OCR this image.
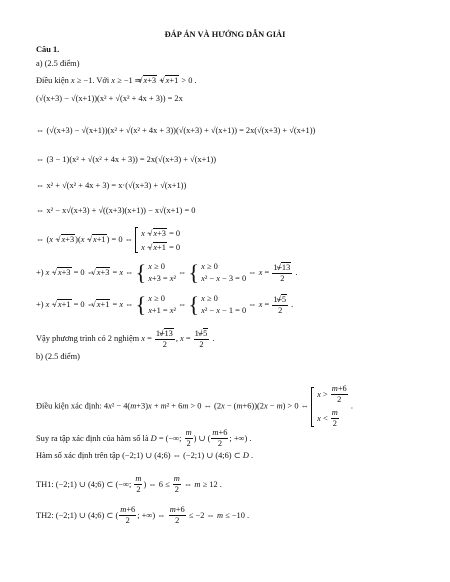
ĐÁP ÁN VÀ HƯỚNG DẪN GIẢI
Câu 1.
a) (2.5 điểm)
Điều kiện x ≥ −1. Với x ≥ −1 ⇒ √ x+3 + √ x+1 > 0 .
(√(x+3) − √(x+1))(x² + √(x² + 4x + 3)) = 2x
⇔ (√(x+3) − √(x+1))(x² + √(x² + 4x + 3))(√(x+3) + √(x+1)) = 2x(√(x+3) + √(x+1))
⇔ (3 − 1)(x² + √(x² + 4x + 3)) = 2x(√(x+3) + √(x+1))
⇔ x² + √(x² + 4x + 3) = x·(√(x+3) + √(x+1))
⇔ x² − x√(x+3) + √((x+3)(x+1)) − x√(x+1) = 0
⇔ (x − √ x+3)(x − √ x+1) = 0 ⇔
x − √ x+3 = 0
x − √ x+1 = 0
+) x − √ x+3 = 0 ⇔ √ x+3 = x ⇔ { x ≥ 0
x+3 = x²
⇔ { x ≥ 0
x² − x − 3 = 0
⇔ $x = \frac{1+√ 13}{2}$ .
+) x − √ x+1 = 0 ⇔ √ x+1 = x ⇔ { x ≥ 0
x+1 = x²
⇔ { x ≥ 0
x² − x − 1 = 0
⇔ $x = \frac{1+√ 5}{2}$ .
Vậy phương trình có 2 nghiệm $x = \frac{1+√ 13}{2}$ , $x = \frac{1+√ 5}{2}$ .
b) (2.5 điểm)
Điều kiện xác định: 4x² − 4(m+3)x + m² + 6m > 0 ⇔ (2x − (m+6))(2x − m) > 0 ⇔
$x > \frac{m+6}{2}$
$x < \frac{m}{2}$
.
Suy ra tập xác định của hàm số là D = (−∞; $\frac{m}{2}$ ) ∪ ( $\frac{m+6}{2}$ ; +∞) .
Hàm số xác định trên tập (−2;1) ∪ (4;6) ⇔ (−2;1) ∪ (4;6) ⊂ D .
TH1: (−2;1) ∪ (4;6) ⊂ (−∞; $\frac{m}{2}$ ) ⇔ $6 \le \frac{m}{2}$ ⇔ m ≥ 12 .
TH2: (−2;1) ∪ (4;6) ⊂ ( $\frac{m+6}{2}$ ; +∞) ⇔ $\frac{m+6}{2} \le -2$ ⇔ m ≤ −10 .
